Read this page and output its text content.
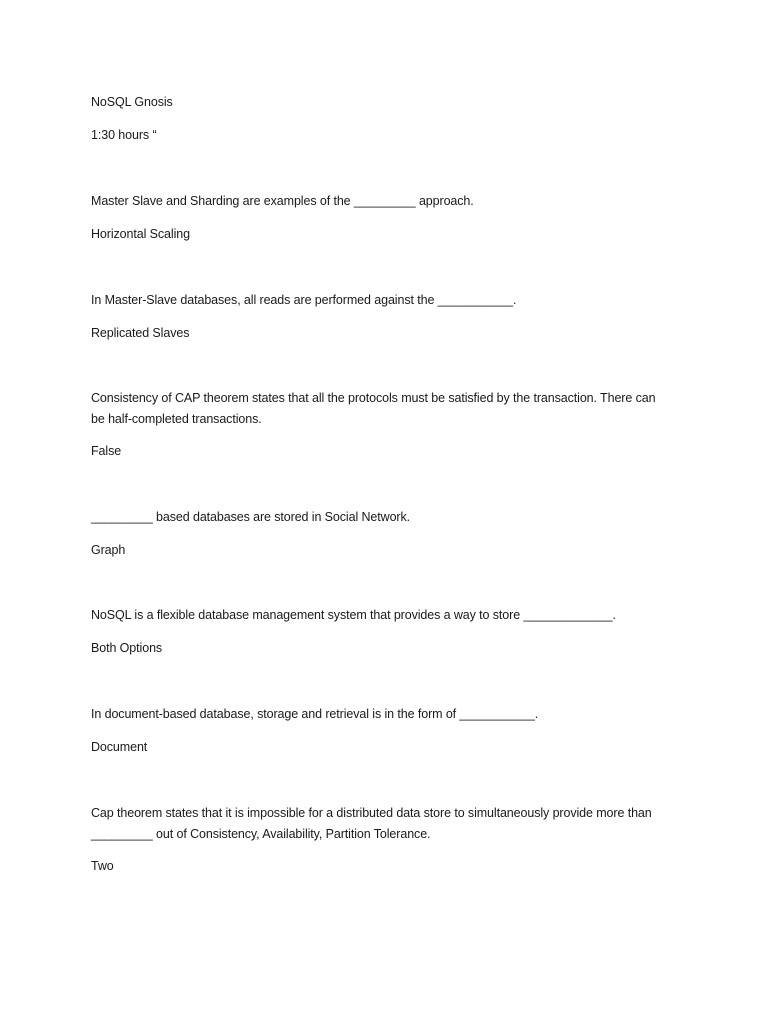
NoSQL Gnosis

1:30 hours “

Master Slave and Sharding are examples of the _________ approach.

Horizontal Scaling

In Master-Slave databases, all reads are performed against the ___________.

Replicated Slaves

Consistency of CAP theorem states that all the protocols must be satisfied by the transaction. There can

be half-completed transactions.

False

_________ based databases are stored in Social Network.

Graph

NoSQL is a flexible database management system that provides a way to store _____________.

Both Options

In document-based database, storage and retrieval is in the form of ___________.

Document

Cap theorem states that it is impossible for a distributed data store to simultaneously provide more than

_________ out of Consistency, Availability, Partition Tolerance.

Two
